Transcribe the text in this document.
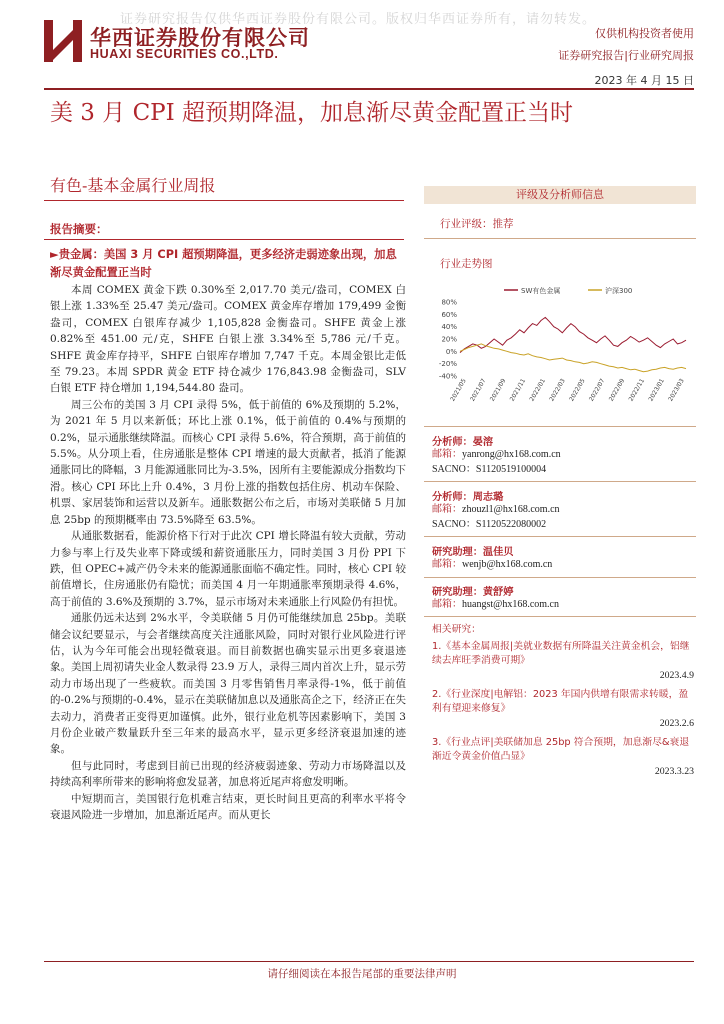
证券研究报告仅供华西证券股份有限公司。版权归华西证券所有，请勿转发。
华西证券股份有限公司
HUAXI SECURITIES CO.,LTD.
仅供机构投资者使用
证券研究报告|行业研究周报
2023 年 4 月 15 日
美 3 月 CPI 超预期降温，加息渐尽黄金配置正当时
有色-基本金属行业周报
报告摘要：
►贵金属：美国 3 月 CPI 超预期降温，更多经济走弱迹象出现，加息渐尽黄金配置正当时

本周 COMEX 黄金下跌 0.30%至 2,017.70 美元/盎司，COMEX 白银上涨 1.33%至 25.47 美元/盎司。COMEX 黄金库存增加 179,499 金衡盎司，COMEX 白银库存减少 1,105,828 金衡盎司。SHFE 黄金上涨 0.82%至 451.00 元/克，SHFE 白银上涨 3.34%至 5,786 元/千克。SHFE 黄金库存持平，SHFE 白银库存增加 7,747 千克。本周金银比走低至 79.23。本周 SPDR 黄金 ETF 持仓减少 176,843.98 金衡盎司，SLV 白银 ETF 持仓增加 1,194,544.80 盎司。

周三公布的美国 3 月 CPI 录得 5%，低于前值的 6%及预期的 5.2%，为 2021 年 5 月以来新低；环比上涨 0.1%，低于前值的 0.4%与预期的 0.2%，显示通胀继续降温。而核心 CPI 录得 5.6%，符合预期，高于前值的 5.5%。从分项上看，住房通胀是整体 CPI 增速的最大贡献者，抵消了能源通胀同比的降幅，3 月能源通胀同比为-3.5%，因所有主要能源成分指数均下滑。核心 CPI 环比上升 0.4%，3 月份上涨的指数包括住房、机动车保险、机票、家居装饰和运营以及新车。通胀数据公布之后，市场对美联储 5 月加息 25bp 的预期概率由 73.5%降至 63.5%。

从通胀数据看，能源价格下行对于此次 CPI 增长降温有较大贡献，劳动力参与率上行及失业率下降或缓和薪资通胀压力，同时美国 3 月份 PPI 下跌，但 OPEC+减产仍令未来的能源通胀面临不确定性。同时，核心 CPI 较前值增长，住房通胀仍有隐忧；而美国 4 月一年期通胀率预期录得 4.6%，高于前值的 3.6%及预期的 3.7%，显示市场对未来通胀上行风险仍有担忧。

通胀仍远未达到 2%水平，令美联储 5 月仍可能继续加息 25bp。美联储会议纪要显示，与会者继续高度关注通胀风险，同时对银行业风险进行评估，认为今年可能会出现轻微衰退。而目前数据也确实显示出更多衰退迹象。美国上周初请失业金人数录得 23.9 万人，录得三周内首次上升，显示劳动力市场出现了一些疲软。而美国 3 月零售销售月率录得-1%，低于前值的-0.2%与预期的-0.4%，显示在美联储加息以及通胀高企之下，经济正在失去动力，消费者正变得更加谨慎。此外，银行业危机等因素影响下，美国 3 月份企业破产数量跃升至三年来的最高水平，显示更多经济衰退加速的迹象。

但与此同时，考虑到目前已出现的经济疲弱迹象、劳动力市场降温以及持续高利率所带来的影响将愈发显著，加息将近尾声将愈发明晰。

中短期而言，美国银行危机难言结束，更长时间且更高的利率水平将令衰退风险进一步增加，加息渐近尾声。而从更长

评级及分析师信息
行业评级：推荐
行业走势图
SW有色金属	沪深300
80%
60%
40%
20%
0%
-20%
-40%
2021/05 2021/07 2021/09 2021/11 2022/01 2022/03 2022/05 2022/07 2022/09 2022/11 2023/01 2023/03
分析师：晏溶
邮箱：yanrong@hx168.com.cn
SACNO：S1120519100004
分析师：周志璐
邮箱：zhouzl1@hx168.com.cn
SACNO：S1120522080002
研究助理：温佳贝
邮箱：wenjb@hx168.com.cn
研究助理：黄舒婷
邮箱：huangst@hx168.com.cn
相关研究：
1.《基本金属周报|美就业数据有所降温关注黄金机会，铝继续去库旺季消费可期》
2023.4.9
2.《行业深度|电解铝：2023 年国内供增有限需求转暖，盈利有望迎来修复》
2023.2.6
3.《行业点评|美联储加息 25bp 符合预期，加息渐尽&衰退渐近令黄金价值凸显》
2023.3.23
请仔细阅读在本报告尾部的重要法律声明
